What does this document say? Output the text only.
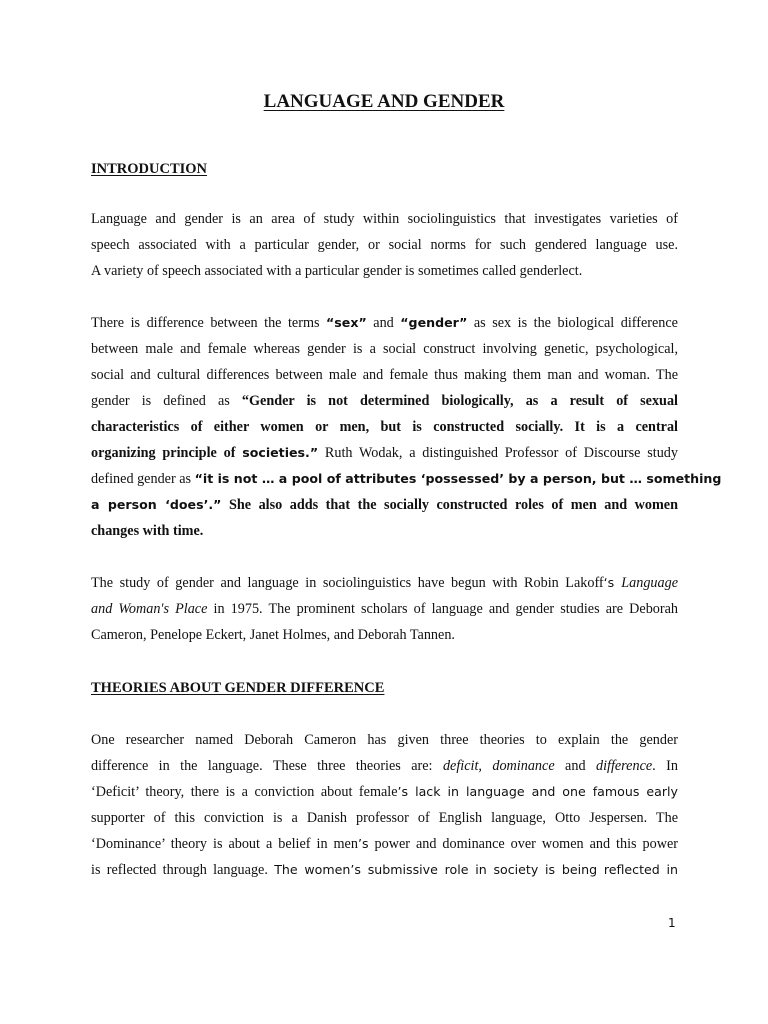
LANGUAGE AND GENDER
INTRODUCTION
Language and gender is an area of study within sociolinguistics that investigates varieties of
speech associated with a particular gender, or social norms for such gendered language use.
A variety of speech associated with a particular gender is sometimes called genderlect.
There is difference between the terms “sex” and “gender” as sex is the biological difference
between male and female whereas gender is a social construct involving genetic, psychological,
social and cultural differences between male and female thus making them man and woman. The
gender is defined as “Gender is not determined biologically, as a result of sexual
characteristics of either women or men, but is constructed socially. It is a central
organizing principle of societies.” Ruth Wodak, a distinguished Professor of Discourse study
defined gender as “it is not … a pool of attributes ‘possessed’ by a person, but … something
a person ‘does’.” She also adds that the socially constructed roles of men and women
changes with time.
The study of gender and language in sociolinguistics have begun with Robin Lakoff‘s Language
and Woman's Place in 1975. The prominent scholars of language and gender studies are Deborah
Cameron, Penelope Eckert, Janet Holmes, and Deborah Tannen.
THEORIES ABOUT GENDER DIFFERENCE
One researcher named Deborah Cameron has given three theories to explain the gender
difference in the language. These three theories are: deficit, dominance and difference. In
‘Deficit’ theory, there is a conviction about female’s lack in language and one famous early
supporter of this conviction is a Danish professor of English language, Otto Jespersen. The
‘Dominance’ theory is about a belief in men’s power and dominance over women and this power
is reflected through language. The women’s submissive role in society is being reflected in
1
